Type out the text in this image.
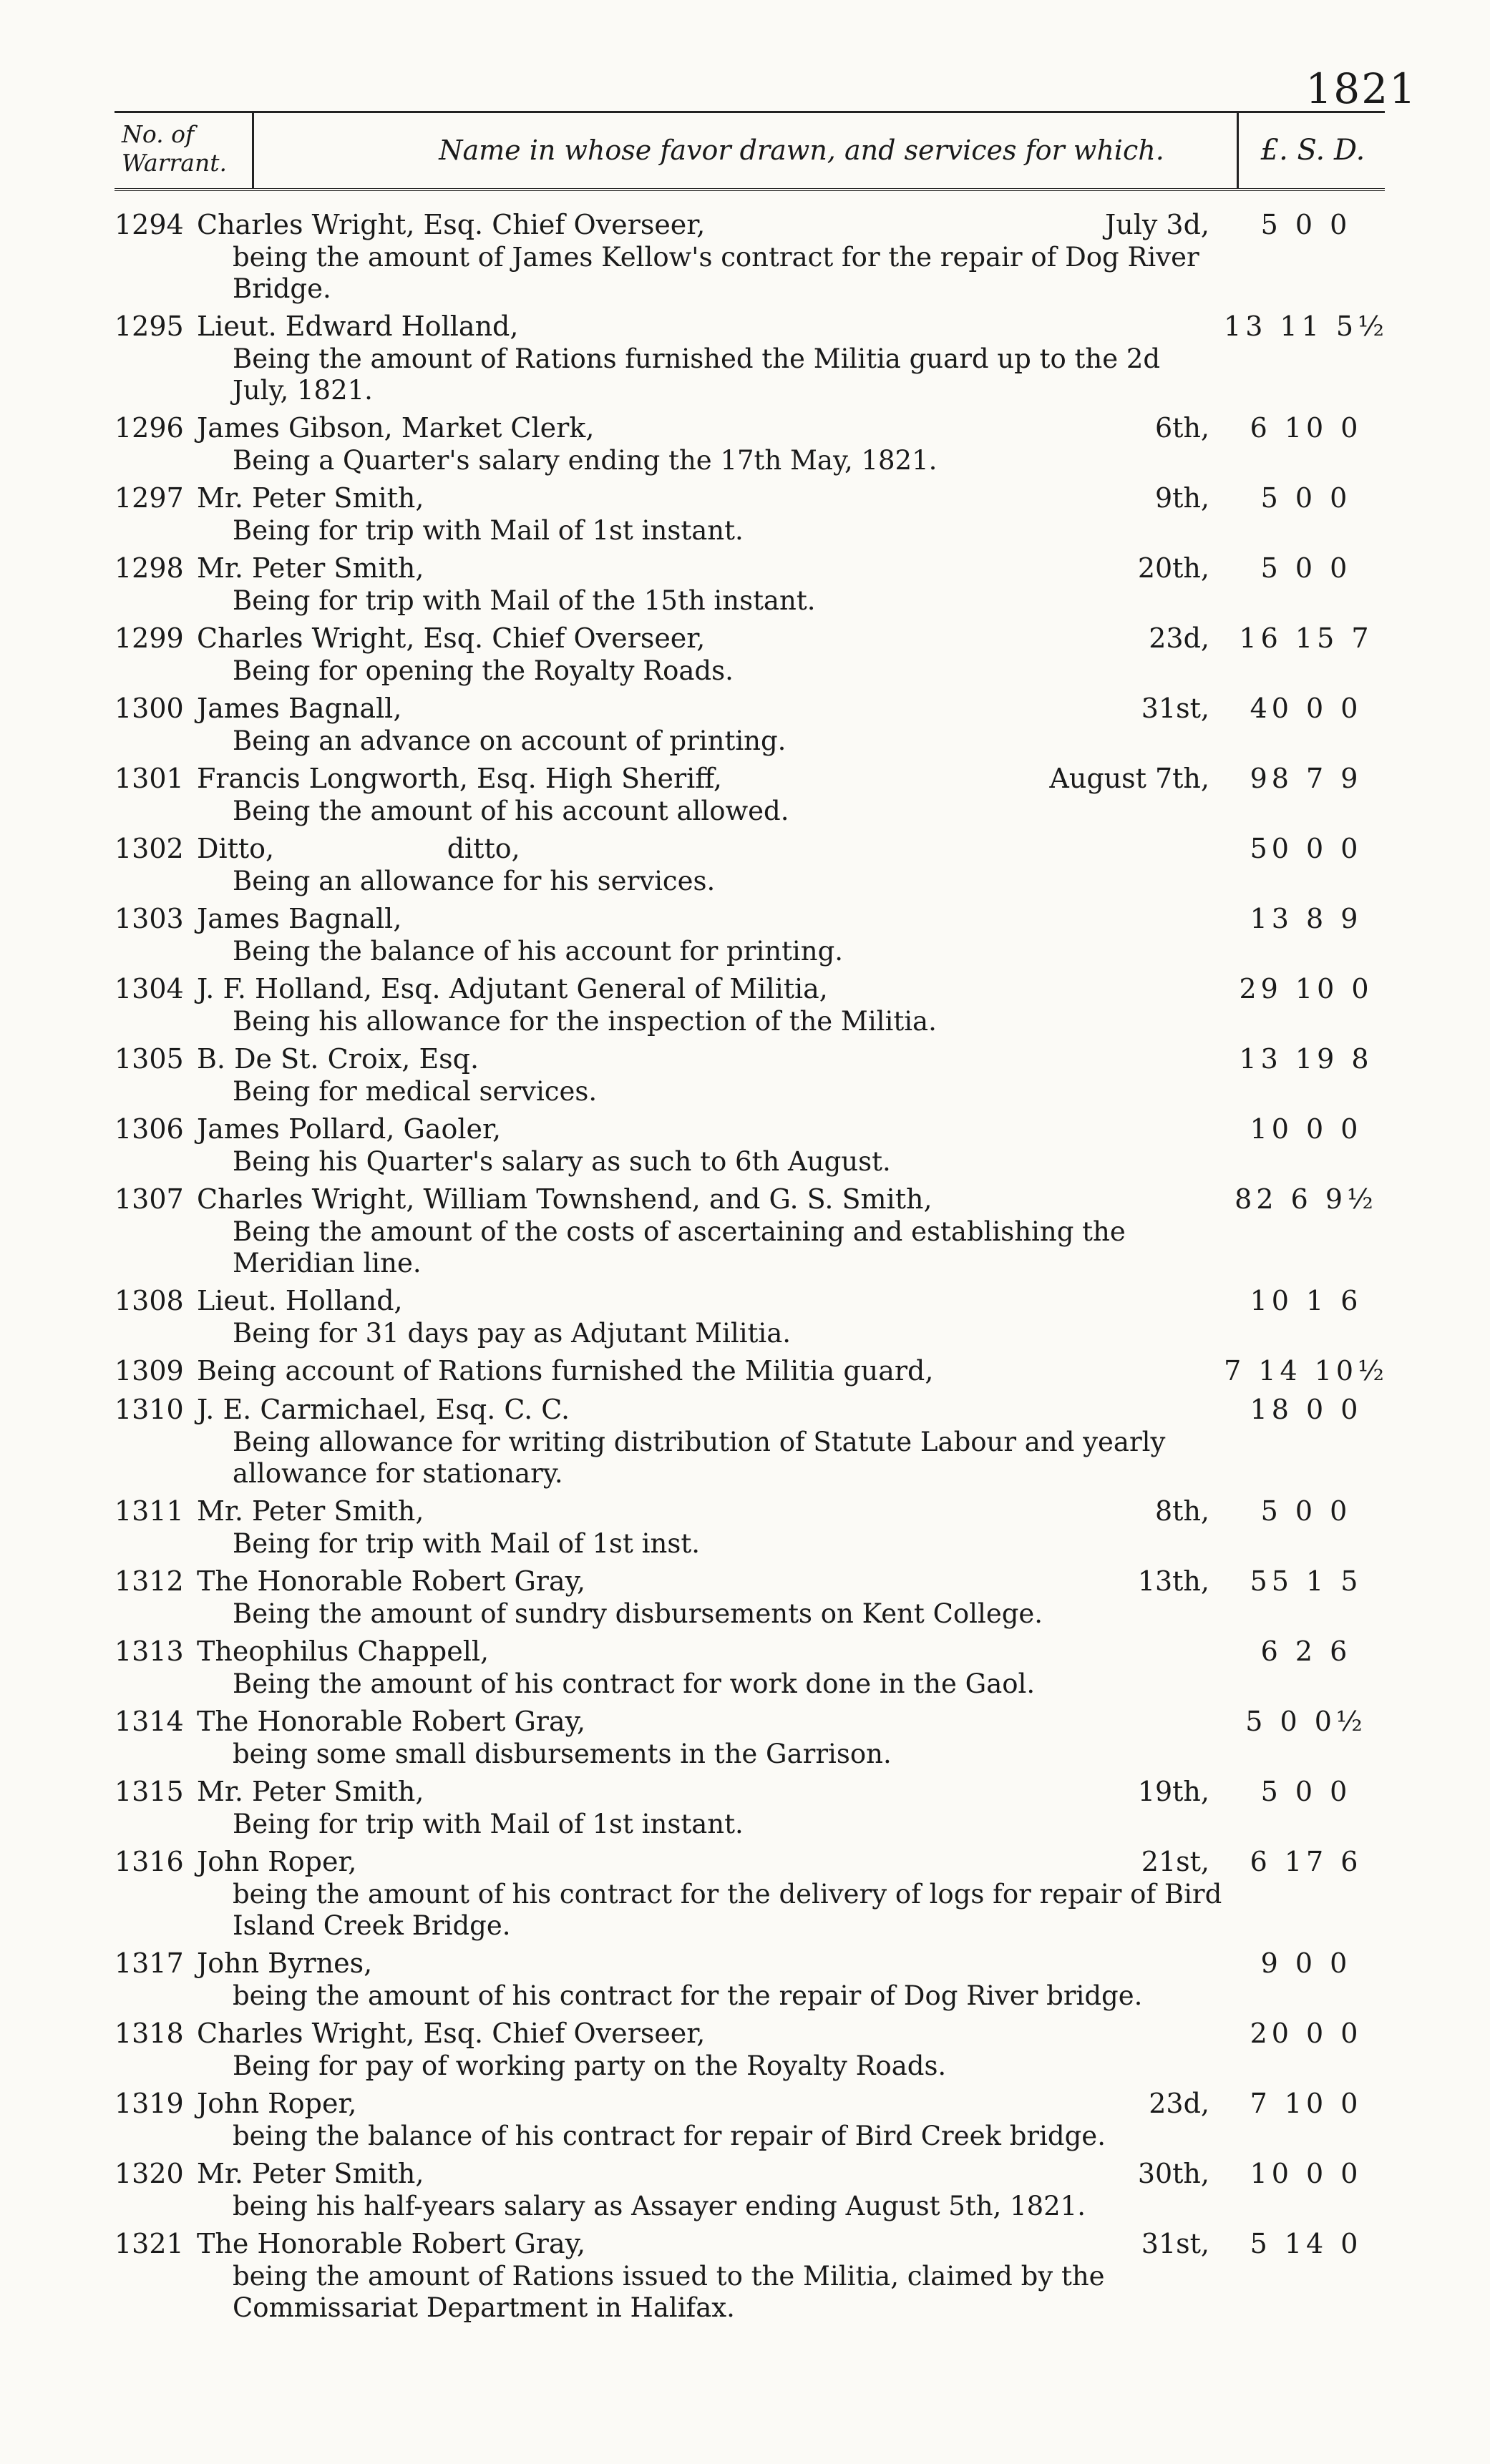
1821
No. of Warrant.	Name in whose favor drawn, and services for which.	£. S. D.
1294 Charles Wright, Esq. Chief Overseer,	July 3d,	5 0 0
being the amount of James Kellow's contract for the repair of Dog River Bridge.
1295 Lieut. Edward Holland,	13 11 5½
Being the amount of Rations furnished the Militia guard up to the 2d July, 1821.
1296 James Gibson, Market Clerk,	6th,	6 10 0
Being a Quarter's salary ending the 17th May, 1821.
1297 Mr. Peter Smith,	9th,	5 0 0
Being for trip with Mail of 1st instant.
1298 Mr. Peter Smith,	20th,	5 0 0
Being for trip with Mail of the 15th instant.
1299 Charles Wright, Esq. Chief Overseer,	23d,	16 15 7
Being for opening the Royalty Roads.
1300 James Bagnall,	31st,	40 0 0
Being an advance on account of printing.
1301 Francis Longworth, Esq. High Sheriff,	August 7th,	98 7 9
Being the amount of his account allowed.
1302 Ditto,                    ditto,	50 0 0
Being an allowance for his services.
1303 James Bagnall,	13 8 9
Being the balance of his account for printing.
1304 J. F. Holland, Esq. Adjutant General of Militia,	29 10 0
Being his allowance for the inspection of the Militia.
1305 B. De St. Croix, Esq.	13 19 8
Being for medical services.
1306 James Pollard, Gaoler,	10 0 0
Being his Quarter's salary as such to 6th August.
1307 Charles Wright, William Townshend, and G. S. Smith,	82 6 9½
Being the amount of the costs of ascertaining and establishing the Meridian line.
1308 Lieut. Holland,	10 1 6
Being for 31 days pay as Adjutant Militia.
1309 Being account of Rations furnished the Militia guard,	7 14 10½
1310 J. E. Carmichael, Esq. C. C.	18 0 0
Being allowance for writing distribution of Statute Labour and yearly allowance for stationary.
1311 Mr. Peter Smith,	8th,	5 0 0
Being for trip with Mail of 1st inst.
1312 The Honorable Robert Gray,	13th,	55 1 5
Being the amount of sundry disbursements on Kent College.
1313 Theophilus Chappell,	6 2 6
Being the amount of his contract for work done in the Gaol.
1314 The Honorable Robert Gray,	5 0 0½
being some small disbursements in the Garrison.
1315 Mr. Peter Smith,	19th,	5 0 0
Being for trip with Mail of 1st instant.
1316 John Roper,	21st,	6 17 6
being the amount of his contract for the delivery of logs for repair of Bird Island Creek Bridge.
1317 John Byrnes,	9 0 0
being the amount of his contract for the repair of Dog River bridge.
1318 Charles Wright, Esq. Chief Overseer,	20 0 0
Being for pay of working party on the Royalty Roads.
1319 John Roper,	23d,	7 10 0
being the balance of his contract for repair of Bird Creek bridge.
1320 Mr. Peter Smith,	30th,	10 0 0
being his half-years salary as Assayer ending August 5th, 1821.
1321 The Honorable Robert Gray,	31st,	5 14 0
being the amount of Rations issued to the Militia, claimed by the Commissariat Department in Halifax.
